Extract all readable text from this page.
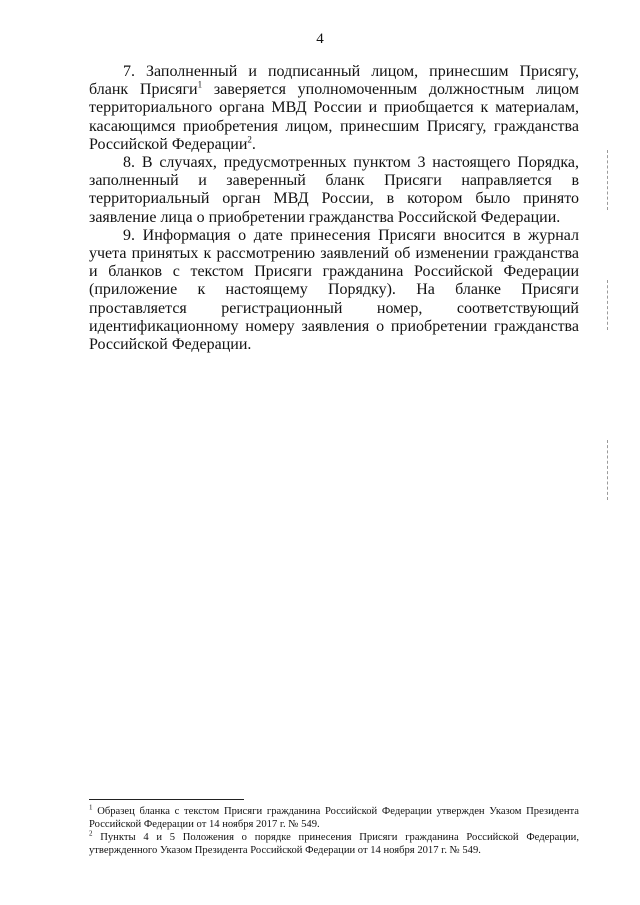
4

7. Заполненный и подписанный лицом, принесшим Присягу, бланк Присяги$^1$ заверяется уполномоченным должностным лицом территориального органа МВД России и приобщается к материалам, касающимся приобретения лицом, принесшим Присягу, гражданства Российской Федерации$^2$.

8. В случаях, предусмотренных пунктом 3 настоящего Порядка, заполненный и заверенный бланк Присяги направляется в территориальный орган МВД России, в котором было принято заявление лица о приобретении гражданства Российской Федерации.

9. Информация о дате принесения Присяги вносится в журнал учета принятых к рассмотрению заявлений об изменении гражданства и бланков с текстом Присяги гражданина Российской Федерации (приложение к настоящему Порядку). На бланке Присяги проставляется регистрационный номер, соответствующий идентификационному номеру заявления о приобретении гражданства Российской Федерации.

$^1$ Образец бланка с текстом Присяги гражданина Российской Федерации утвержден Указом Президента Российской Федерации от 14 ноября 2017 г. № 549.

$^2$ Пункты 4 и 5 Положения о порядке принесения Присяги гражданина Российской Федерации, утвержденного Указом Президента Российской Федерации от 14 ноября 2017 г. № 549.
